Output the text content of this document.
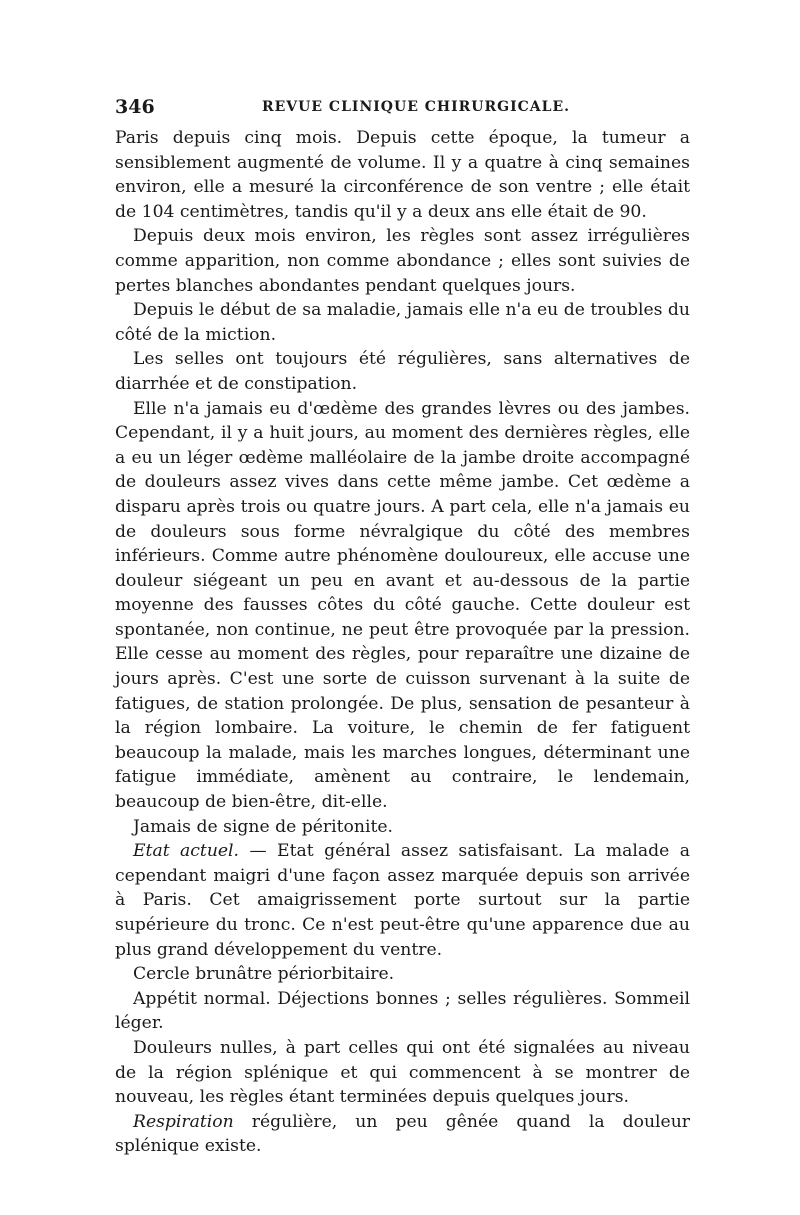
346	REVUE CLINIQUE CHIRURGICALE.

Paris depuis cinq mois. Depuis cette époque, la tumeur a sensiblement augmenté de volume. Il y a quatre à cinq semaines environ, elle a mesuré la circonférence de son ventre ; elle était de 104 centimètres, tandis qu'il y a deux ans elle était de 90.

Depuis deux mois environ, les règles sont assez irrégulières comme apparition, non comme abondance ; elles sont suivies de pertes blanches abondantes pendant quelques jours.

Depuis le début de sa maladie, jamais elle n'a eu de troubles du côté de la miction.

Les selles ont toujours été régulières, sans alternatives de diarrhée et de constipation.

Elle n'a jamais eu d'œdème des grandes lèvres ou des jambes. Cependant, il y a huit jours, au moment des dernières règles, elle a eu un léger œdème malléolaire de la jambe droite accompagné de douleurs assez vives dans cette même jambe. Cet œdème a disparu après trois ou quatre jours. A part cela, elle n'a jamais eu de douleurs sous forme névralgique du côté des membres inférieurs. Comme autre phénomène douloureux, elle accuse une douleur siégeant un peu en avant et au-dessous de la partie moyenne des fausses côtes du côté gauche. Cette douleur est spontanée, non continue, ne peut être provoquée par la pression. Elle cesse au moment des règles, pour reparaître une dizaine de jours après. C'est une sorte de cuisson survenant à la suite de fatigues, de station prolongée. De plus, sensation de pesanteur à la région lombaire. La voiture, le chemin de fer fatiguent beaucoup la malade, mais les marches longues, déterminant une fatigue immédiate, amènent au contraire, le lendemain, beaucoup de bien-être, dit-elle.

Jamais de signe de péritonite.

Etat actuel. — Etat général assez satisfaisant. La malade a cependant maigri d'une façon assez marquée depuis son arrivée à Paris. Cet amaigrissement porte surtout sur la partie supérieure du tronc. Ce n'est peut-être qu'une apparence due au plus grand développement du ventre.

Cercle brunâtre périorbitaire.

Appétit normal. Déjections bonnes ; selles régulières. Sommeil léger.

Douleurs nulles, à part celles qui ont été signalées au niveau de la région splénique et qui commencent à se montrer de nouveau, les règles étant terminées depuis quelques jours.

Respiration régulière, un peu gênée quand la douleur splénique existe.
